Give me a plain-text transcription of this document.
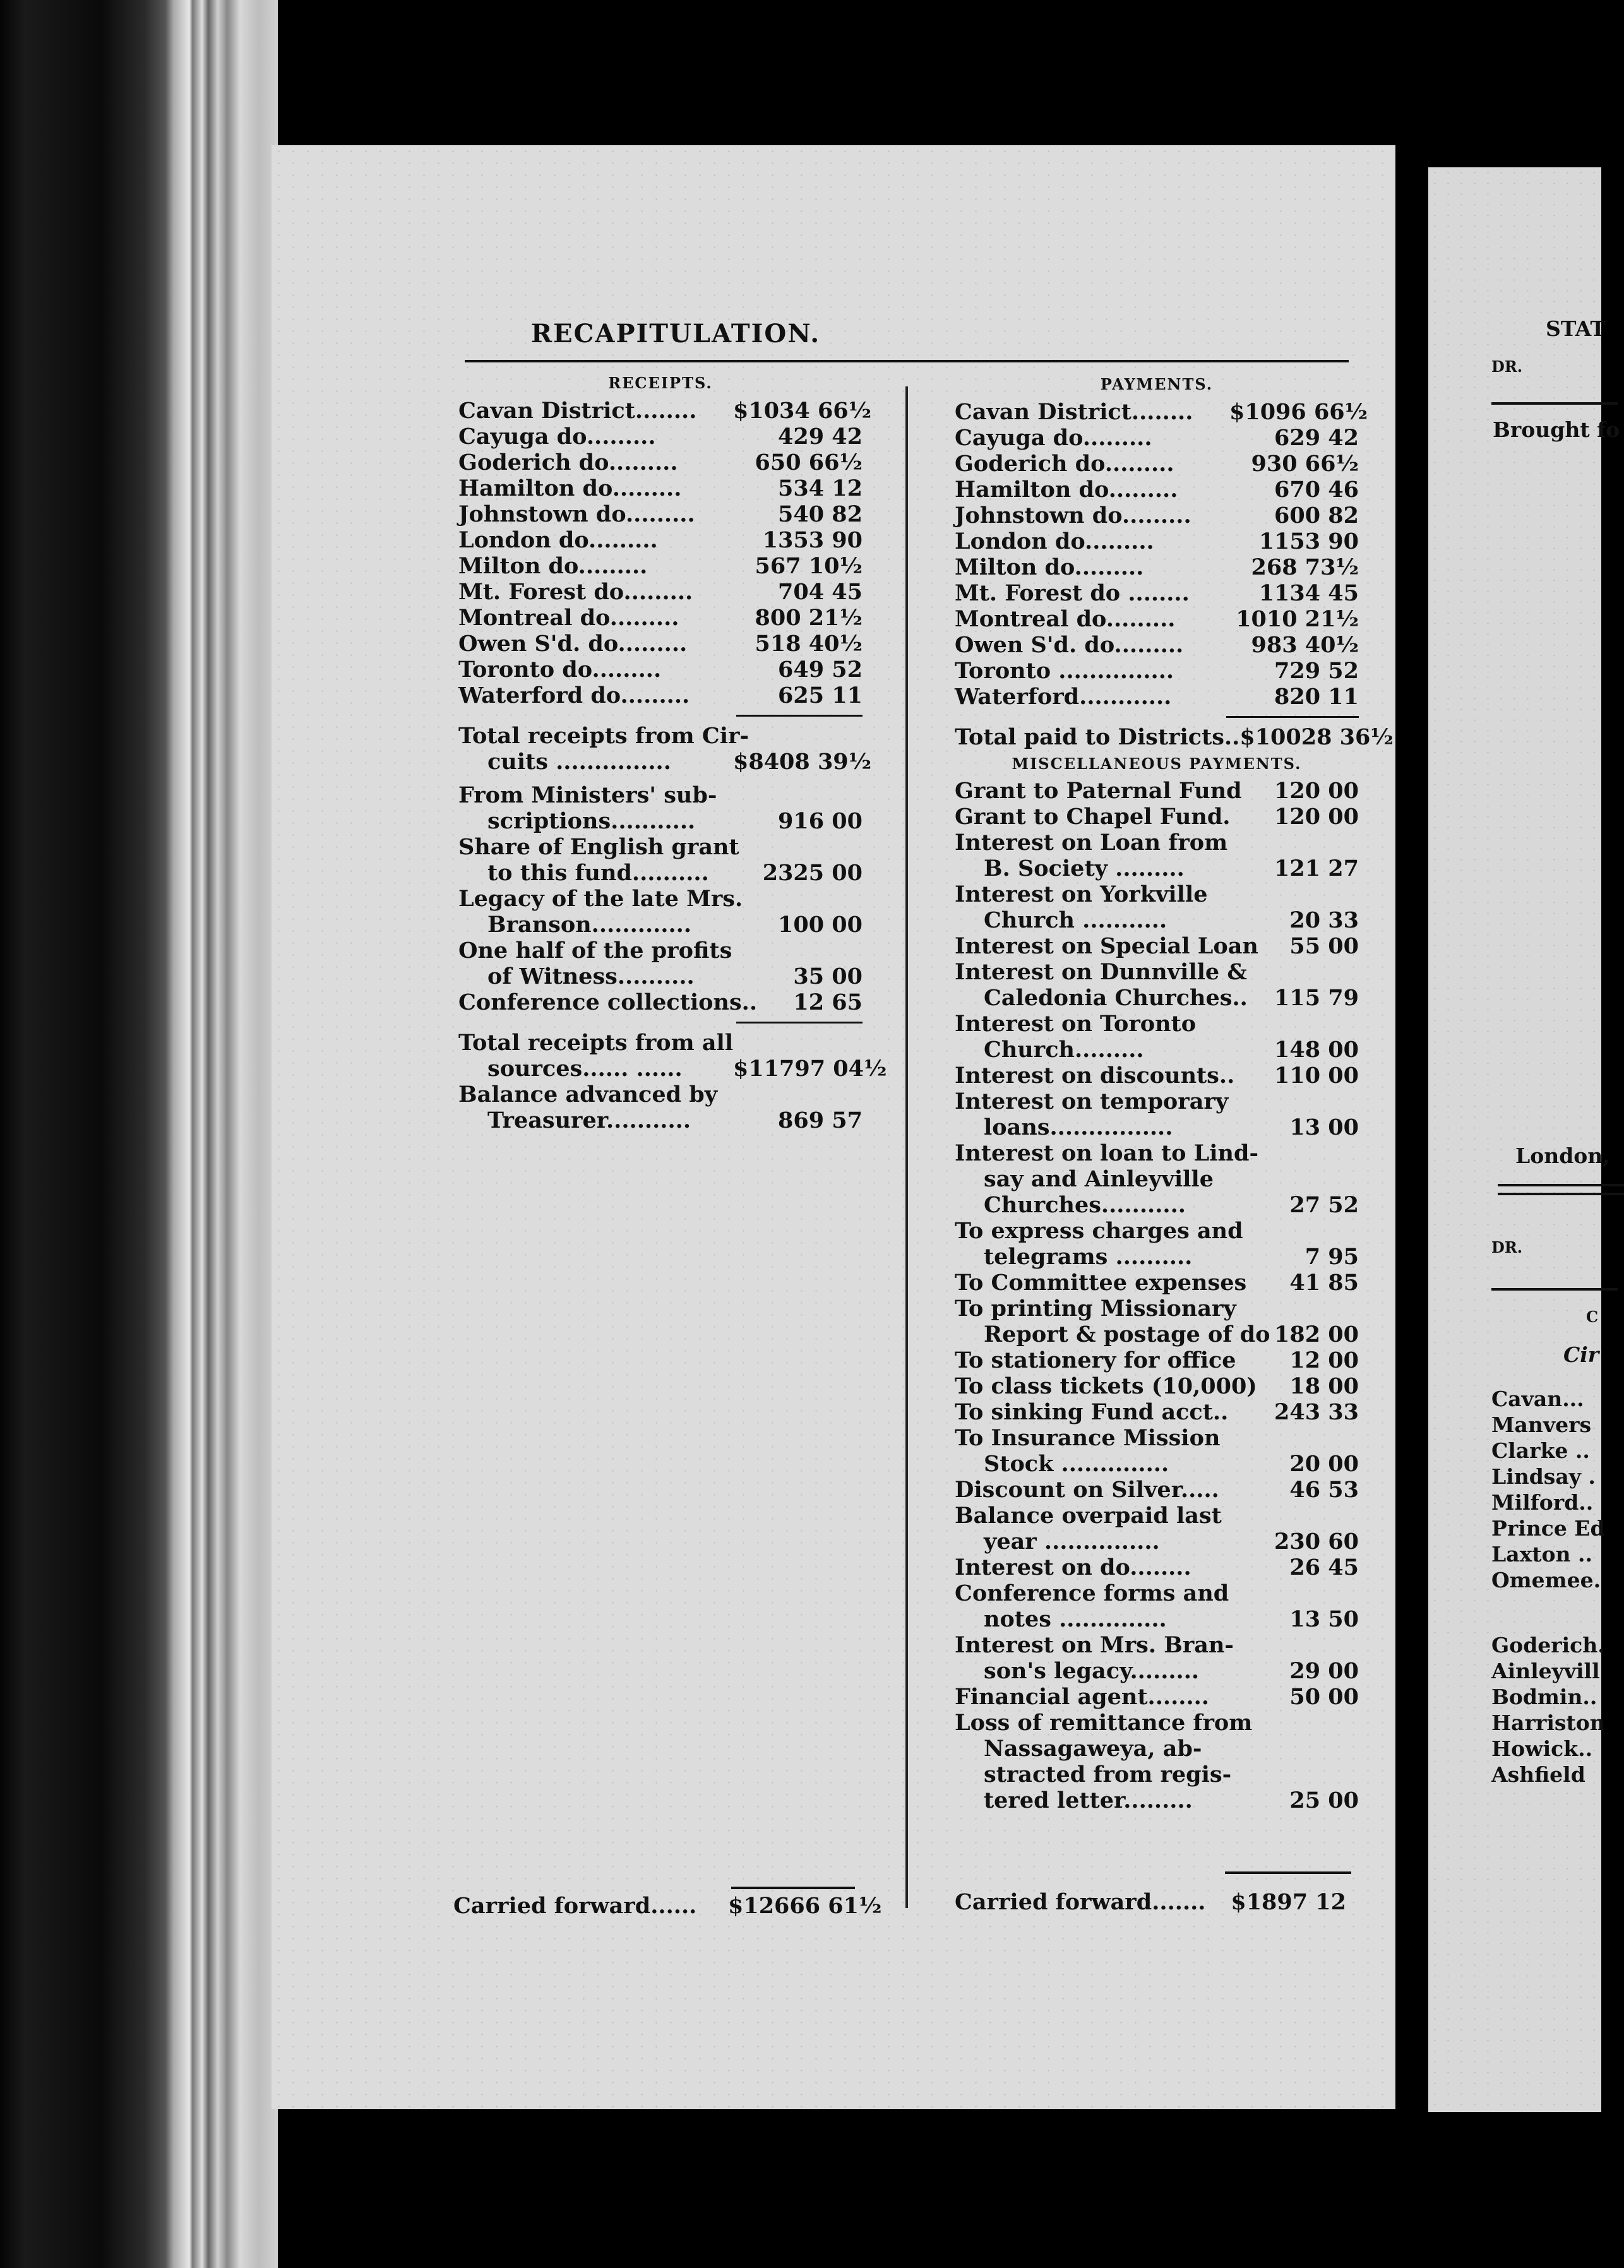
RECAPITULATION.
RECEIPTS.
Cavan District........	$1034 66½
Cayuga do.........	429 42
Goderich do.........	650 66½
Hamilton do.........	534 12
Johnstown do.........	540 82
London do.........	1353 90
Milton do.........	567 10½
Mt. Forest do.........	704 45
Montreal do.........	800 21½
Owen S'd. do.........	518 40½
Toronto do.........	649 52
Waterford do.........	625 11
Total receipts from Cir-
cuits ...............	$8408 39½
From Ministers' sub-
scriptions...........	916 00
Share of English grant
to this fund..........	2325 00
Legacy of the late Mrs.
Branson.............	100 00
One half of the profits
of Witness..........	35 00
Conference collections..	12 65
Total receipts from all
sources...... ......	$11797 04½
Balance advanced by
Treasurer...........	869 57
Carried forward......	$12666 61½
PAYMENTS.
Cavan District........	$1096 66½
Cayuga do.........	629 42
Goderich do.........	930 66½
Hamilton do.........	670 46
Johnstown do.........	600 82
London do.........	1153 90
Milton do.........	268 73½
Mt. Forest do ........	1134 45
Montreal do.........	1010 21½
Owen S'd. do.........	983 40½
Toronto ...............	729 52
Waterford............	820 11
Total paid to Districts.. $10028 36½
MISCELLANEOUS PAYMENTS.
Grant to Paternal Fund	120 00
Grant to Chapel Fund.	120 00
Interest on Loan from
B. Society .........	121 27
Interest on Yorkville
Church ...........	20 33
Interest on Special Loan	55 00
Interest on Dunnville &
Caledonia Churches..	115 79
Interest on Toronto
Church.........	148 00
Interest on discounts..	110 00
Interest on temporary
loans................	13 00
Interest on loan to Lind-
say and Ainleyville
Churches...........	27 52
To express charges and
telegrams ..........	7 95
To Committee expenses	41 85
To printing Missionary
Report & postage of do 182 00
To stationery for office	12 00
To class tickets (10,000)	18 00
To sinking Fund acct..	243 33
To Insurance Mission
Stock ..............	20 00
Discount on Silver.....	46 53
Balance overpaid last
year ...............	230 60
Interest on do........	26 45
Conference forms and
notes ..............	13 50
Interest on Mrs. Bran-
son's legacy.........	29 00
Financial agent........	50 00
Loss of remittance from
Nassagaweya, ab-
stracted from regis-
tered letter.........	25 00
Carried forward.......	$1897 12
STAT
DR.
Brought fo
London,
DR.
C
Cir
Cavan...
Manvers
Clarke ..
Lindsay .
Milford..
Prince Ed
Laxton ..
Omemee.
Goderich.
Ainleyvill
Bodmin..
Harriston
Howick..
Ashfield
